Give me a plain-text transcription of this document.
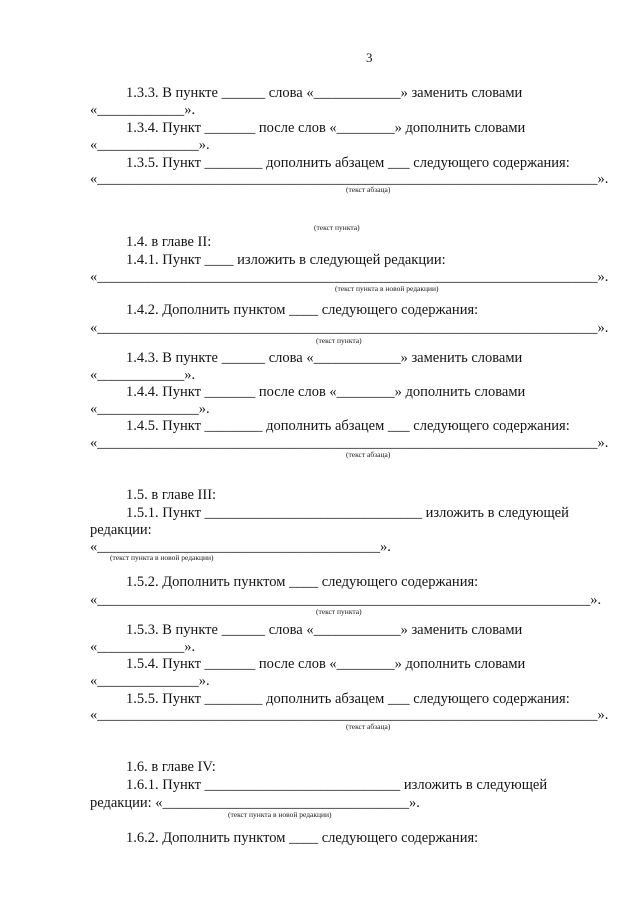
3
1.3.3. В пункте ______ слова «____________» заменить словами
«____________».
1.3.4. Пункт _______ после слов «________» дополнить словами
«______________».
1.3.5. Пункт ________ дополнить абзацем ___ следующего содержания:
«_____________________________________________________________________».
(текст абзаца)
(текст пункта)
1.4. в главе II:
1.4.1. Пункт ____ изложить в следующей редакции:
«_____________________________________________________________________».
(текст пункта в новой редакции)
1.4.2. Дополнить пунктом ____ следующего содержания:
«_____________________________________________________________________».
(текст пункта)
1.4.3. В пункте ______ слова «____________» заменить словами
«____________».
1.4.4. Пункт _______ после слов «________» дополнить словами
«______________».
1.4.5. Пункт ________ дополнить абзацем ___ следующего содержания:
«_____________________________________________________________________».
(текст абзаца)
1.5. в главе III:
1.5.1. Пункт ______________________________ изложить в следующей
редакции:
«_______________________________________».
(текст пункта в новой редакции)
1.5.2. Дополнить пунктом ____ следующего содержания:
«____________________________________________________________________».
(текст пункта)
1.5.3. В пункте ______ слова «____________» заменить словами
«____________».
1.5.4. Пункт _______ после слов «________» дополнить словами
«______________».
1.5.5. Пункт ________ дополнить абзацем ___ следующего содержания:
«_____________________________________________________________________».
(текст абзаца)
1.6. в главе IV:
1.6.1. Пункт ___________________________ изложить в следующей
редакции: «__________________________________».
(текст пункта в новой редакции)
1.6.2. Дополнить пунктом ____ следующего содержания:
